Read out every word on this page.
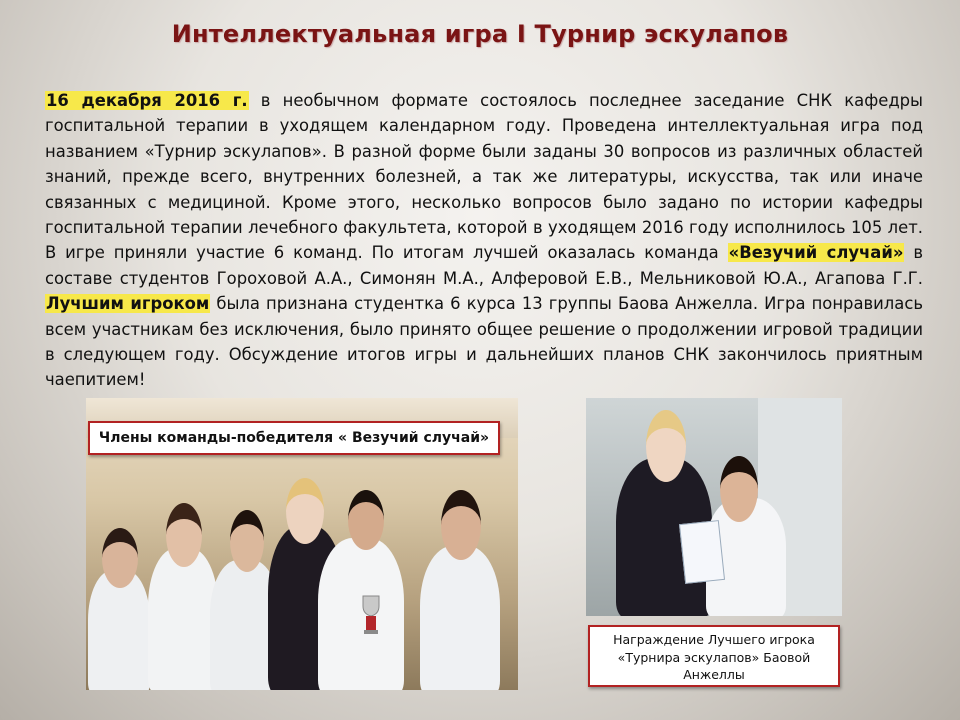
Интеллектуальная игра I Турнир эскулапов
16 декабря 2016 г. в необычном формате состоялось последнее заседание СНК кафедры госпитальной терапии в уходящем календарном году. Проведена интеллектуальная игра под названием «Турнир эскулапов». В разной форме были заданы 30 вопросов из различных областей знаний, прежде всего, внутренних болезней, а так же литературы, искусства, так или иначе связанных с медициной. Кроме этого, несколько вопросов было задано по истории кафедры госпитальной терапии лечебного факультета, которой в уходящем 2016 году исполнилось 105 лет. В игре приняли участие 6 команд. По итогам лучшей оказалась команда «Везучий случай» в составе студентов Гороховой А.А., Симонян М.А., Алферовой Е.В., Мельниковой Ю.А., Агапова Г.Г. Лучшим игроком была признана студентка 6 курса 13 группы Баова Анжелла. Игра понравилась всем участникам без исключения, было принято общее решение о продолжении игровой традиции в следующем году. Обсуждение итогов игры и дальнейших планов СНК закончилось приятным чаепитием!
Члены команды-победителя « Везучий случай»
Награждение Лучшего игрока
«Турнира эскулапов» Баовой
Анжеллы
